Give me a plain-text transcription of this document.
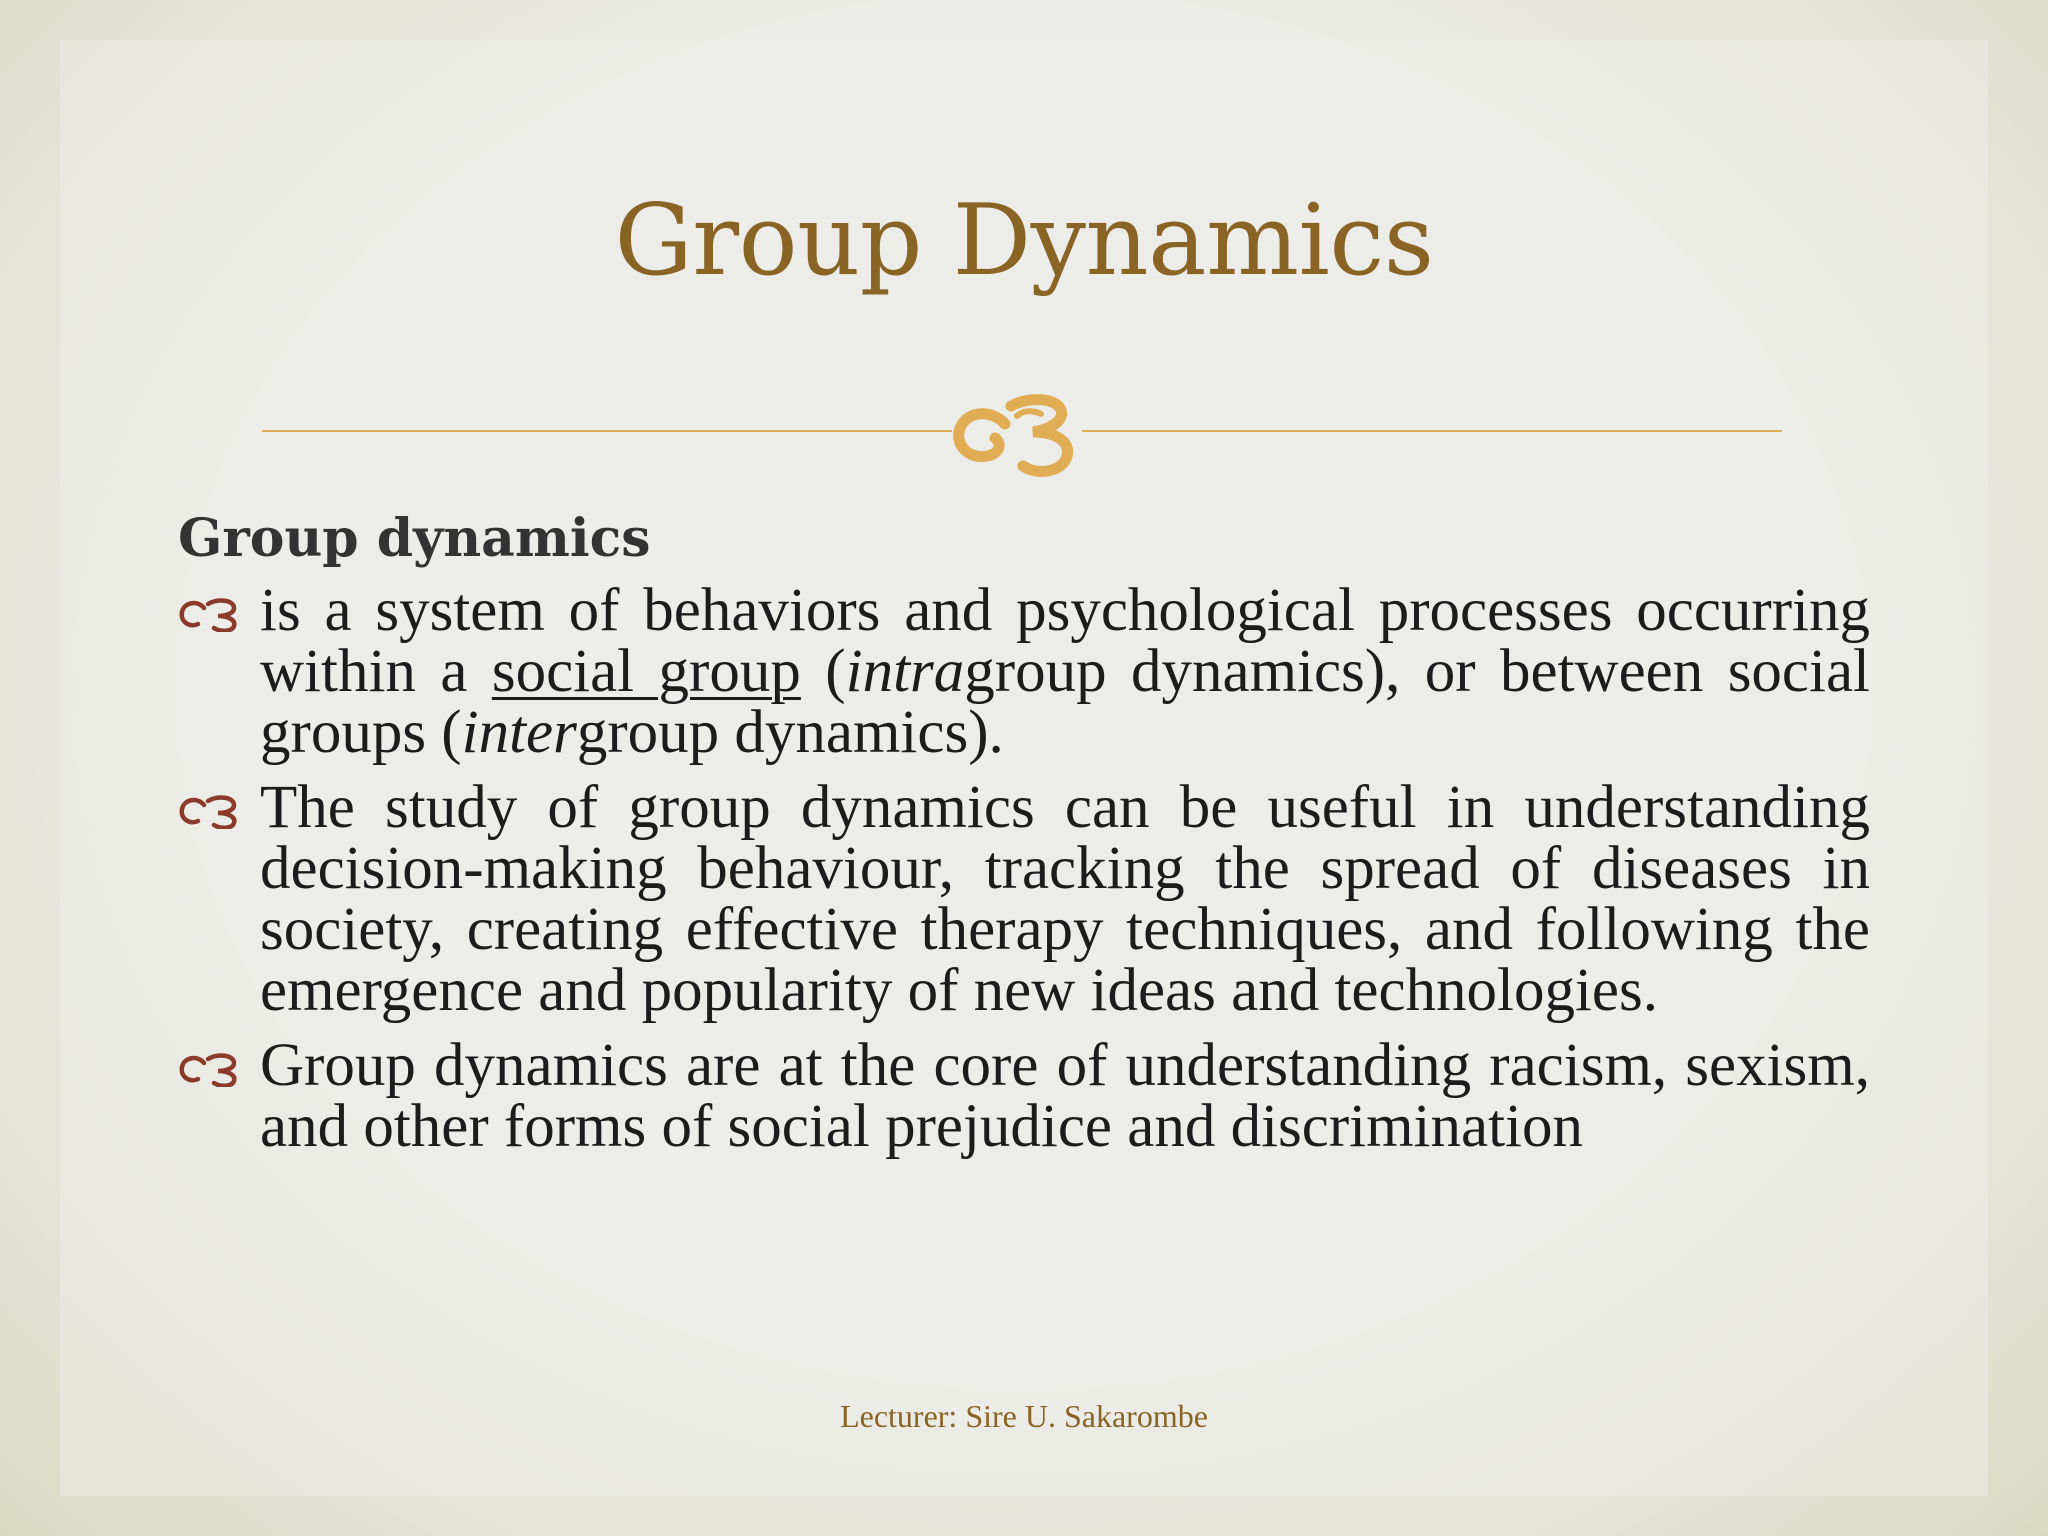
Group Dynamics
Group dynamics
is a system of behaviors and psychological processes occurring within a social group (intragroup dynamics), or between social groups (intergroup dynamics).
The study of group dynamics can be useful in understanding decision-making behaviour, tracking the spread of diseases in society, creating effective therapy techniques, and following the emergence and popularity of new ideas and technologies.
Group dynamics are at the core of understanding racism, sexism, and other forms of social prejudice and discrimination
Lecturer: Sire U. Sakarombe
